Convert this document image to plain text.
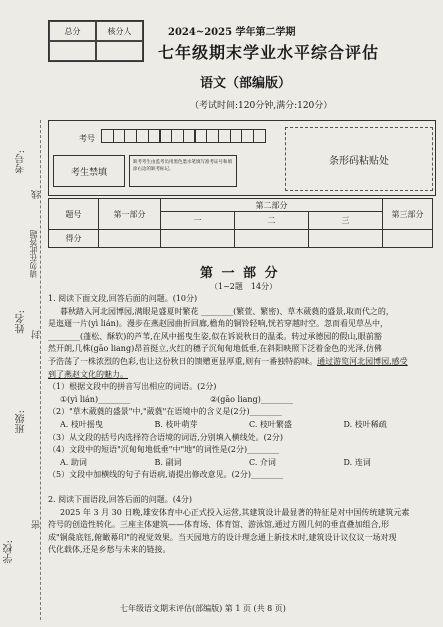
学校:
班级:
姓名:
考号:
请勿在此答题
密
封
线
总分	核分人	2024~2025 学年第二学期
七年级期末学业水平综合评估
语文（部编版）
（考试时间:120分钟,满分:120分）
考号
考生禁填
缺考考生由监考员用黑色墨水笔填写准考证号和填涂右边的缺考标记。
条形码粘贴处
题号	第一部分	第二部分			第三部分
		一	二	三	
得分					
第 一 部 分
（1~2题　14分）

1. 阅读下面文段,回答后面的问题。(10分)

暮秋踏入河北园博园,满眼是盛夏时繁花 ________(繁萱、繁密)、草木葳蕤的盛景,取而代之的，

是迤逦一片(yì lián)。漫步在燕赵园曲折回廊,檐角的铜铃轻响,恍若穿越时空。忽而看见草丛中，

________(蓬松、酥软)的芦苇,在风中摇曳生姿,似在诉说秋日的温柔。转过承德园的假山,眼前豁

然开朗,几株(gāo liang)昂首挺立,火红的穗子沉甸甸地低垂,在斜阳映照下泛着金色的光泽,仿佛

予浩荡了一株浓烈的色彩,也让这份秋日的馈赠更显厚重,则有一番独特韵味。通过游览河北园博园,感受

到了燕赵文化的魅力。

（1）根据文段中的拼音写出相应的词语。(2分)

①(yì lián)________	②(gāo liang)________

（2）"草木葳蕤的盛景"中,"葳蕤"在语境中的含义是(2分)________

A. 枝叶摇曳	B. 枝叶萌芽	C. 枝叶繁盛	D. 枝叶稀疏

（3）从文段的括号内选择符合语境的词语,分别填入横线处。(2分)

（4）文段中的短语"沉甸甸地低垂"中"地"的词性是(2分)________

A. 助词	B. 副词	C. 介词	D. 连词

（5）文段中加横线的句子有语病,请提出修改意见。(2分)________

2. 阅读下面语段,回答后面的问题。(4分)

2025 年 3 月 30 日晚,雄安体育中心正式投入运营,其建筑设计最显著的特征是对中国传统建筑元素

符号的创造性转化。三座主体建筑——体育场、体育馆、游泳馆,通过方圆几何的垂直叠加组合,形

成"铜彘底钰,俯瞰幕印"的视觉效果。当天园地方的设计理念通上新技术时,建筑设计议仪议一场对现

代化载体,还是乡愁与未来的链接。

七年级语文期末评估(部编版) 第 1 页 (共 8 页)
